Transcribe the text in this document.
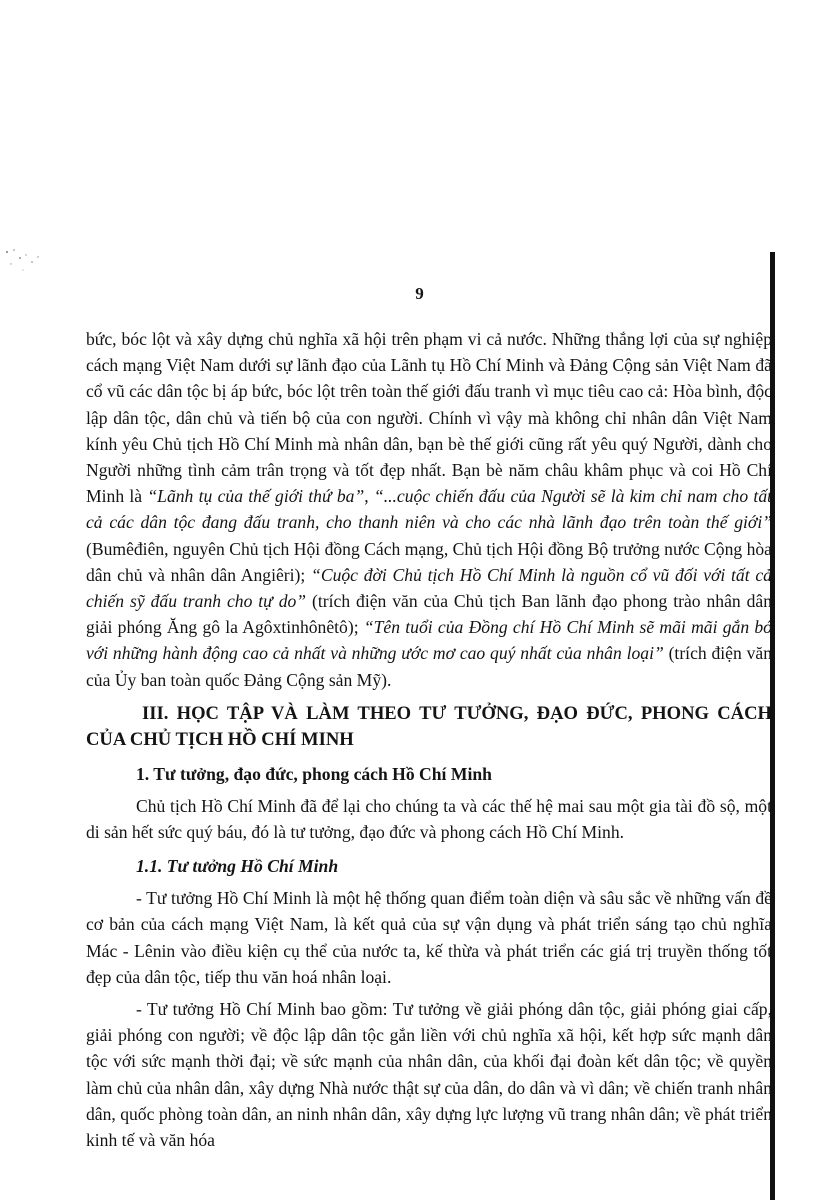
9

bức, bóc lột và xây dựng chủ nghĩa xã hội trên phạm vi cả nước. Những thắng lợi của sự nghiệp cách mạng Việt Nam dưới sự lãnh đạo của Lãnh tụ Hồ Chí Minh và Đảng Cộng sản Việt Nam đã cổ vũ các dân tộc bị áp bức, bóc lột trên toàn thế giới đấu tranh vì mục tiêu cao cả: Hòa bình, độc lập dân tộc, dân chủ và tiến bộ của con người. Chính vì vậy mà không chỉ nhân dân Việt Nam kính yêu Chủ tịch Hồ Chí Minh mà nhân dân, bạn bè thế giới cũng rất yêu quý Người, dành cho Người những tình cảm trân trọng và tốt đẹp nhất. Bạn bè năm châu khâm phục và coi Hồ Chí Minh là “Lãnh tụ của thế giới thứ ba”, “...cuộc chiến đấu của Người sẽ là kim chỉ nam cho tất cả các dân tộc đang đấu tranh, cho thanh niên và cho các nhà lãnh đạo trên toàn thế giới” (Bumêđiên, nguyên Chủ tịch Hội đồng Cách mạng, Chủ tịch Hội đồng Bộ trưởng nước Cộng hòa dân chủ và nhân dân Angiêri); “Cuộc đời Chủ tịch Hồ Chí Minh là nguồn cổ vũ đối với tất cả chiến sỹ đấu tranh cho tự do” (trích điện văn của Chủ tịch Ban lãnh đạo phong trào nhân dân giải phóng Ăng gô la Agôxtinhônêtô); “Tên tuổi của Đồng chí Hồ Chí Minh sẽ mãi mãi gắn bó với những hành động cao cả nhất và những ước mơ cao quý nhất của nhân loại” (trích điện văn của Ủy ban toàn quốc Đảng Cộng sản Mỹ).

III. HỌC TẬP VÀ LÀM THEO TƯ TƯỞNG, ĐẠO ĐỨC, PHONG CÁCH CỦA CHỦ TỊCH HỒ CHÍ MINH
1. Tư tưởng, đạo đức, phong cách Hồ Chí Minh

Chủ tịch Hồ Chí Minh đã để lại cho chúng ta và các thế hệ mai sau một gia tài đồ sộ, một di sản hết sức quý báu, đó là tư tưởng, đạo đức và phong cách Hồ Chí Minh.

1.1. Tư tưởng Hồ Chí Minh

- Tư tưởng Hồ Chí Minh là một hệ thống quan điểm toàn diện và sâu sắc về những vấn đề cơ bản của cách mạng Việt Nam, là kết quả của sự vận dụng và phát triển sáng tạo chủ nghĩa Mác - Lênin vào điều kiện cụ thể của nước ta, kế thừa và phát triển các giá trị truyền thống tốt đẹp của dân tộc, tiếp thu văn hoá nhân loại.

- Tư tưởng Hồ Chí Minh bao gồm: Tư tưởng về giải phóng dân tộc, giải phóng giai cấp, giải phóng con người; về độc lập dân tộc gắn liền với chủ nghĩa xã hội, kết hợp sức mạnh dân tộc với sức mạnh thời đại; về sức mạnh của nhân dân, của khối đại đoàn kết dân tộc; về quyền làm chủ của nhân dân, xây dựng Nhà nước thật sự của dân, do dân và vì dân; về chiến tranh nhân dân, quốc phòng toàn dân, an ninh nhân dân, xây dựng lực lượng vũ trang nhân dân; về phát triển kinh tế và văn hóa
